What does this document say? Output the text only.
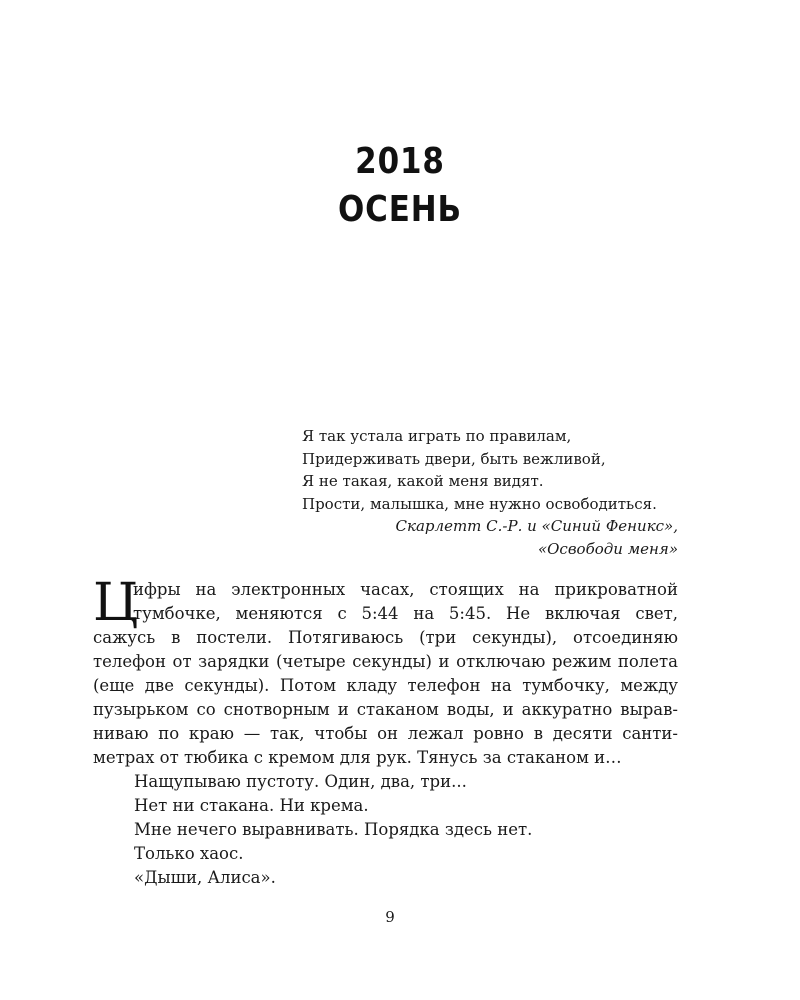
2018
ОСЕНЬ
Я так устала играть по правилам,
Придерживать двери, быть вежливой,
Я не такая, какой меня видят.
Прости, малышка, мне нужно освободиться.
Скарлетт С.-Р. и «Синий Феникс»,
«Освободи меня»
Ц
ифры на электронных часах, стоящих на прикроватной
тумбочке, меняются с 5:44 на 5:45. Не включая свет,
сажусь в постели. Потягиваюсь (три секунды), отсоединяю
телефон от зарядки (четыре секунды) и отключаю режим полета
(еще две секунды). Потом кладу телефон на тумбочку, между
пузырьком со снотворным и стаканом воды, и аккуратно вырав-
ниваю по краю — так, чтобы он лежал ровно в десяти санти-
метрах от тюбика с кремом для рук. Тянусь за стаканом и…
Нащупываю пустоту. Один, два, три...
Нет ни стакана. Ни крема.
Мне нечего выравнивать. Порядка здесь нет.
Только хаос.
«Дыши, Алиса».
9
